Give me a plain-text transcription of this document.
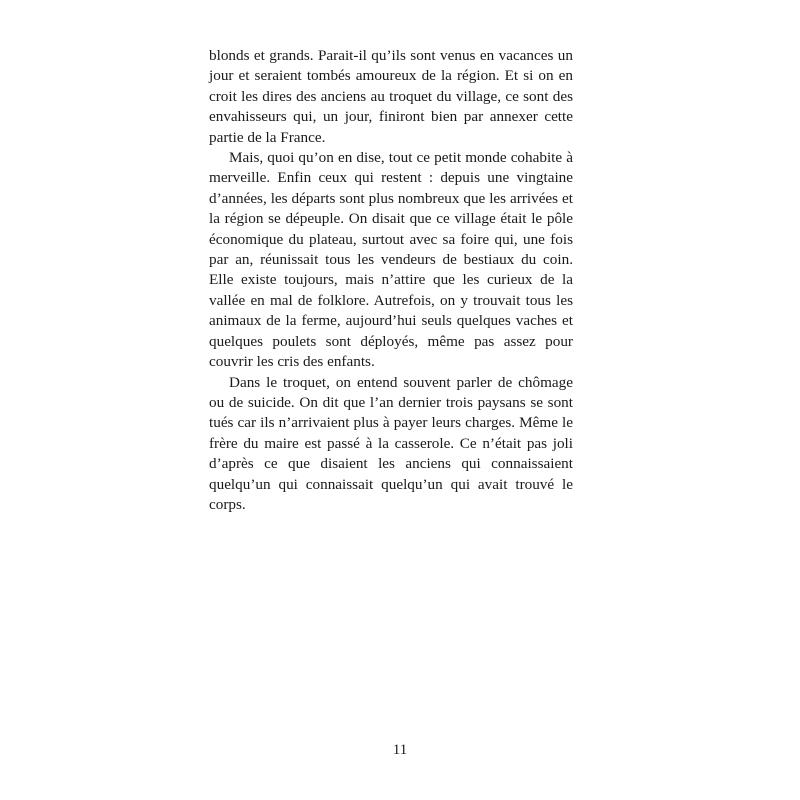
blonds et grands. Parait-il qu’ils sont venus en vacances un jour et seraient tombés amoureux de la région. Et si on en croit les dires des anciens au troquet du village, ce sont des envahisseurs qui, un jour, finiront bien par annexer cette partie de la France.

Mais, quoi qu’on en dise, tout ce petit monde cohabite à merveille. Enfin ceux qui restent : depuis une vingtaine d’années, les départs sont plus nombreux que les arrivées et la région se dépeuple. On disait que ce village était le pôle économique du plateau, surtout avec sa foire qui, une fois par an, réunissait tous les vendeurs de bestiaux du coin. Elle existe toujours, mais n’attire que les curieux de la vallée en mal de folklore. Autrefois, on y trouvait tous les animaux de la ferme, aujourd’hui seuls quelques vaches et quelques poulets sont déployés, même pas assez pour couvrir les cris des enfants.

Dans le troquet, on entend souvent parler de chômage ou de suicide. On dit que l’an dernier trois paysans se sont tués car ils n’arrivaient plus à payer leurs charges. Même le frère du maire est passé à la casserole. Ce n’était pas joli d’après ce que disaient les anciens qui connaissaient quelqu’un qui connaissait quelqu’un qui avait trouvé le corps.

11
